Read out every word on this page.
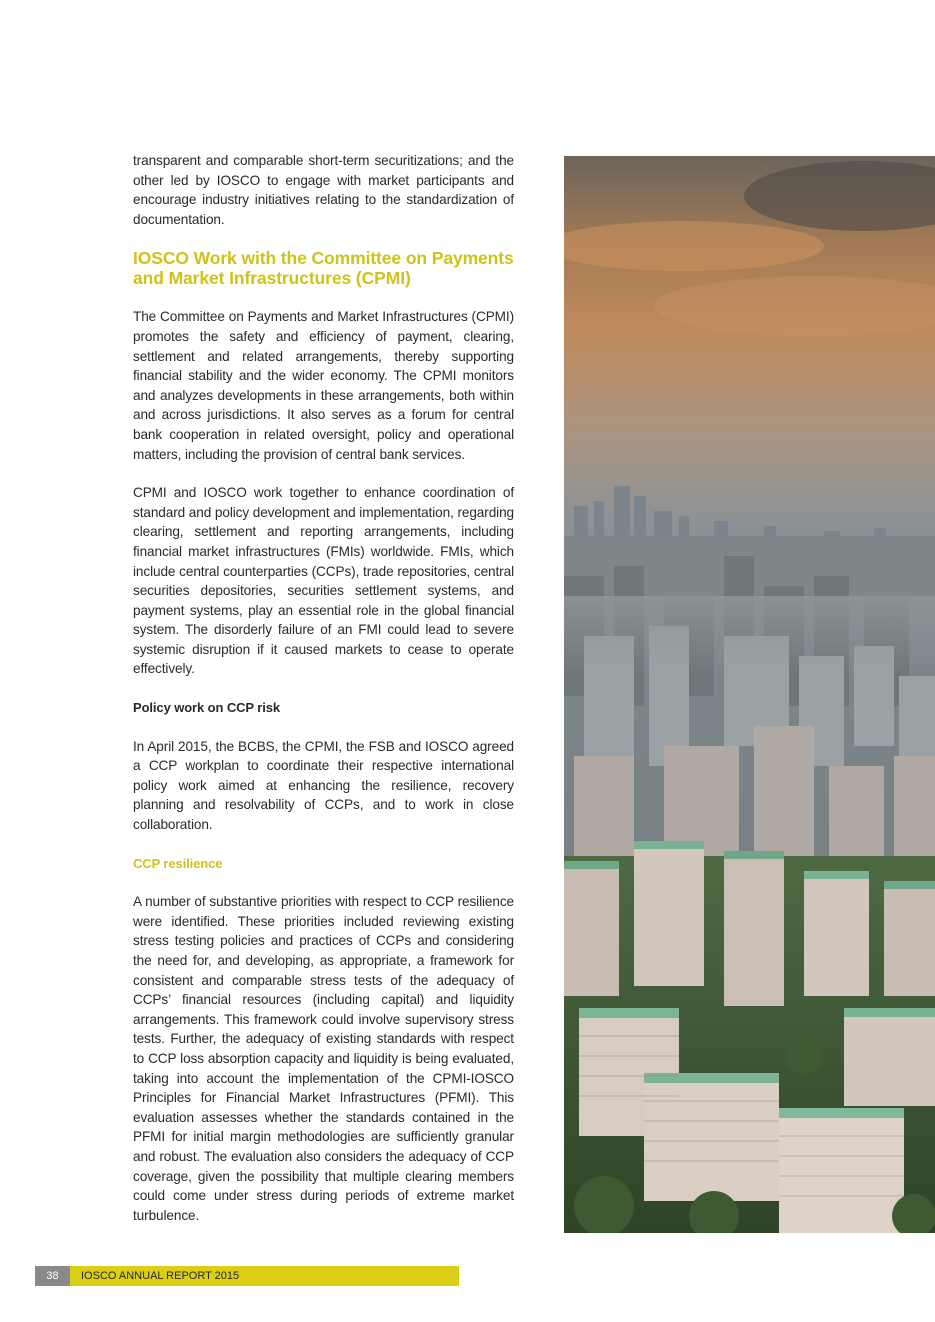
transparent and comparable short-term securitizations; and the other led by IOSCO to engage with market participants and encourage industry initiatives relating to the standardization of documentation.

IOSCO Work with the Committee on Payments and Market Infrastructures (CPMI)

The Committee on Payments and Market Infrastructures (CPMI) promotes the safety and efficiency of payment, clearing, settlement and related arrangements, thereby supporting financial stability and the wider economy. The CPMI monitors and analyzes developments in these arrangements, both within and across jurisdictions. It also serves as a forum for central bank cooperation in related oversight, policy and operational matters, including the provision of central bank services.

CPMI and IOSCO work together to enhance coordination of standard and policy development and implementation, regarding clearing, settlement and reporting arrangements, including financial market infrastructures (FMIs) worldwide. FMIs, which include central counterparties (CCPs), trade repositories, central securities depositories, securities settlement systems, and payment systems, play an essential role in the global financial system. The disorderly failure of an FMI could lead to severe systemic disruption if it caused markets to cease to operate effectively.

Policy work on CCP risk

In April 2015, the BCBS, the CPMI, the FSB and IOSCO agreed a CCP workplan to coordinate their respective international policy work aimed at enhancing the resilience, recovery planning and resolvability of CCPs, and to work in close collaboration.

CCP resilience

A number of substantive priorities with respect to CCP resilience were identified. These priorities included reviewing existing stress testing policies and practices of CCPs and considering the need for, and developing, as appropriate, a framework for consistent and comparable stress tests of the adequacy of CCPs’ financial resources (including capital) and liquidity arrangements. This framework could involve supervisory stress tests. Further, the adequacy of existing standards with respect to CCP loss absorption capacity and liquidity is being evaluated, taking into account the implementation of the CPMI-IOSCO Principles for Financial Market Infrastructures (PFMI). This evaluation assesses whether the standards contained in the PFMI for initial margin methodologies are sufficiently granular and robust. The evaluation also considers the adequacy of CCP coverage, given the possibility that multiple clearing members could come under stress during periods of extreme market turbulence.

38	IOSCO ANNUAL REPORT 2015
